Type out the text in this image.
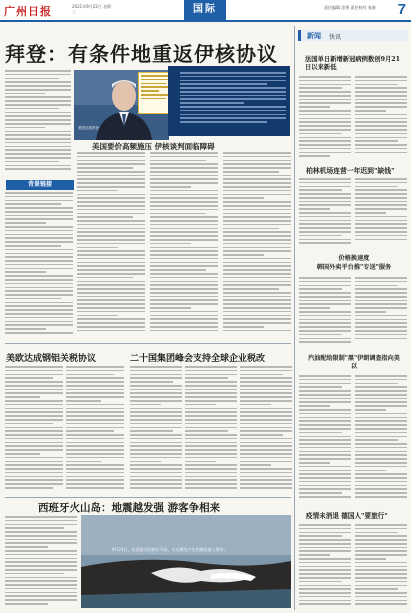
广州日报	2021年9月22日 星期三	国际	责任编辑 涂勇 责任校对 张新	7
新闻 快讯
拜登：有条件地重返伊核协议
美国总统拜登
美国要价高频施压 伊核谈判面临障碍
背景链接
美欧达成钢铝关税协议	二十国集团峰会支持全球企业税改
西班牙火山岛：地震越发强 游客争相来
9月21日，在西班牙拉帕尔马岛，火山喷发产生的熔岩流入海中。
法国单日新增新冠病例数创9月21日以来新低
柏林机场连营一年迟到"缺钱"
价格换速度
韩国外卖平台推"专送"服务
汽油配给限制"黑"伊朗调查指向美以
疫情未消退 德国人"要旅行"
